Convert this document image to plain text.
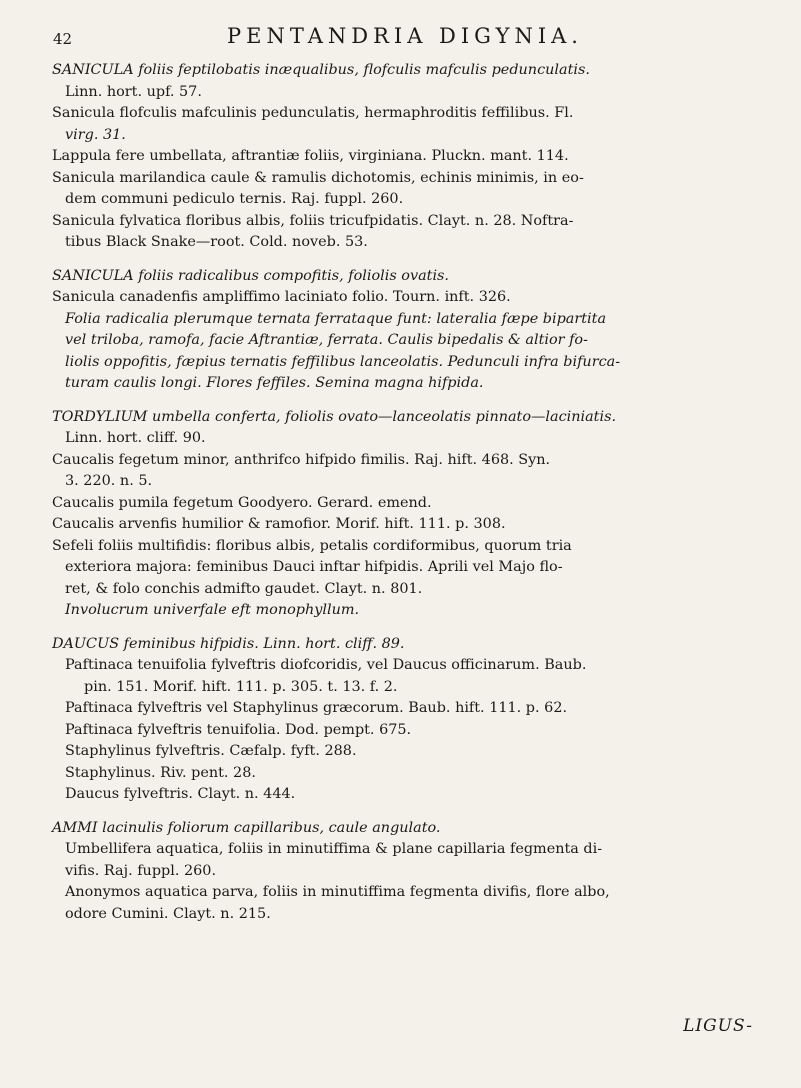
42	PENTANDRIA DIGYNIA.
SANICULA foliis feptilobatis inæqualibus, flofculis mafculis pedunculatis.
Linn. hort. upf. 57.
Sanicula flofculis mafculinis pedunculatis, hermaphroditis feffilibus. Fl.
virg. 31.
Lappula fere umbellata, aftrantiæ foliis, virginiana. Pluckn. mant. 114.
Sanicula marilandica caule & ramulis dichotomis, echinis minimis, in eo-
dem communi pediculo ternis. Raj. fuppl. 260.
Sanicula fylvatica floribus albis, foliis tricufpidatis. Clayt. n. 28. Noftra-
tibus Black Snake—root. Cold. noveb. 53.
SANICULA foliis radicalibus compofitis, foliolis ovatis.
Sanicula canadenfis ampliffimo laciniato folio. Tourn. inft. 326.
Folia radicalia plerumque ternata ferrataque funt: lateralia fæpe bipartita
vel triloba, ramofa, facie Aftrantiæ, ferrata. Caulis bipedalis & altior fo-
liolis oppofitis, fæpius ternatis feffilibus lanceolatis. Pedunculi infra bifurca-
turam caulis longi. Flores feffiles. Semina magna hifpida.
TORDYLIUM umbella conferta, foliolis ovato—lanceolatis pinnato—laciniatis.
Linn. hort. cliff. 90.
Caucalis fegetum minor, anthrifco hifpido fimilis. Raj. hift. 468. Syn.
3. 220. n. 5.
Caucalis pumila fegetum Goodyero. Gerard. emend.
Caucalis arvenfis humilior & ramofior. Morif. hift. 111. p. 308.
Sefeli foliis multifidis: floribus albis, petalis cordiformibus, quorum tria
exteriora majora: feminibus Dauci inftar hifpidis. Aprili vel Majo flo-
ret, & folo conchis admifto gaudet. Clayt. n. 801.
Involucrum univerfale eft monophyllum.
DAUCUS feminibus hifpidis. Linn. hort. cliff. 89.
Paftinaca tenuifolia fylveftris diofcoridis, vel Daucus officinarum. Baub.
pin. 151. Morif. hift. 111. p. 305. t. 13. f. 2.
Paftinaca fylveftris vel Staphylinus græcorum. Baub. hift. 111. p. 62.
Paftinaca fylveftris tenuifolia. Dod. pempt. 675.
Staphylinus fylveftris. Cæfalp. fyft. 288.
Staphylinus. Riv. pent. 28.
Daucus fylveftris. Clayt. n. 444.
AMMI lacinulis foliorum capillaribus, caule angulato.
Umbellifera aquatica, foliis in minutiffima & plane capillaria fegmenta di-
vifis. Raj. fuppl. 260.
Anonymos aquatica parva, foliis in minutiffima fegmenta divifis, flore albo,
odore Cumini. Clayt. n. 215.
LIGUS-
